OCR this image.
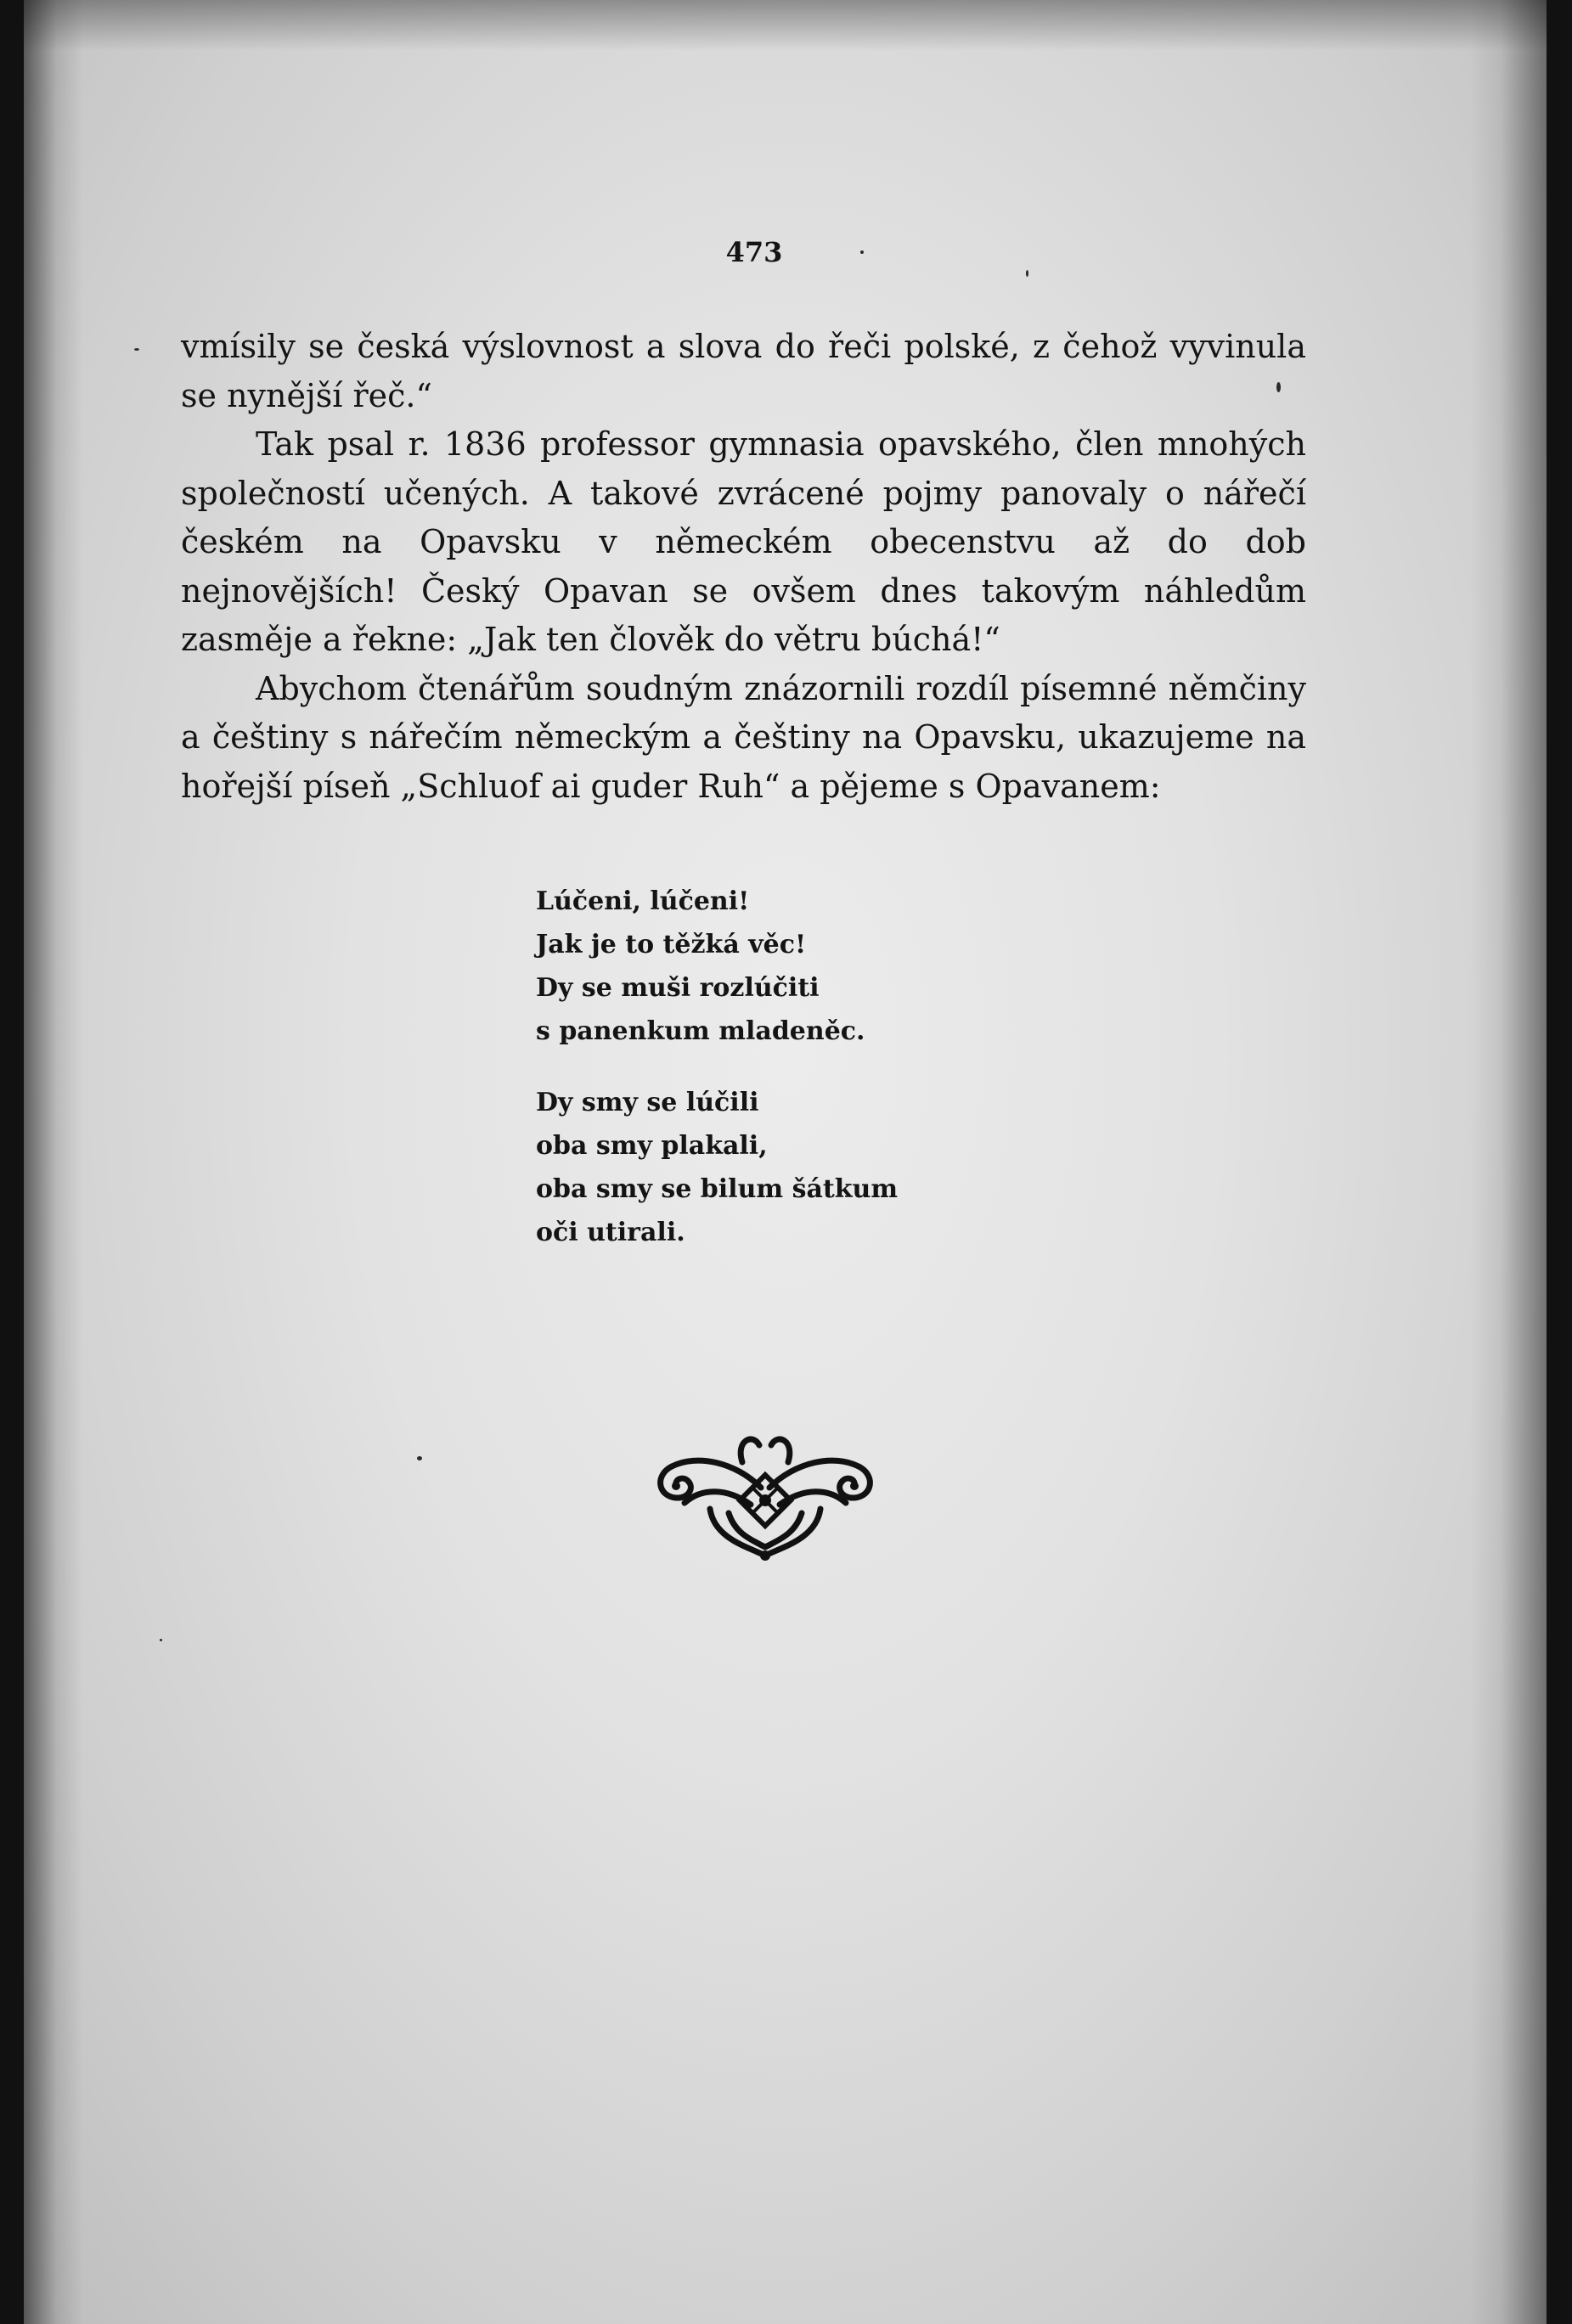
473

vmísily se česká výslovnost a slova do řeči polské, z čehož vyvinula se nynější řeč.“

Tak psal r. 1836 professor gymnasia opavského, člen mnohých společností učených. A takové zvrácené pojmy panovaly o nářečí českém na Opavsku v německém obecenstvu až do dob nejnovějších! Český Opavan se ovšem dnes takovým náhledům zasměje a řekne: „Jak ten člověk do větru búchá!“

Abychom čtenářům soudným znázornili rozdíl písemné němčiny a češtiny s nářečím německým a češtiny na Opavsku, ukazujeme na hořejší píseň „Schluof ai guder Ruh“ a pějeme s Opavanem:

Lúčeni, lúčeni!
Jak je to těžká věc!
Dy se muši rozlúčiti
s panenkum mladeněc.
Dy smy se lúčili
oba smy plakali,
oba smy se bilum šátkum
oči utirali.
